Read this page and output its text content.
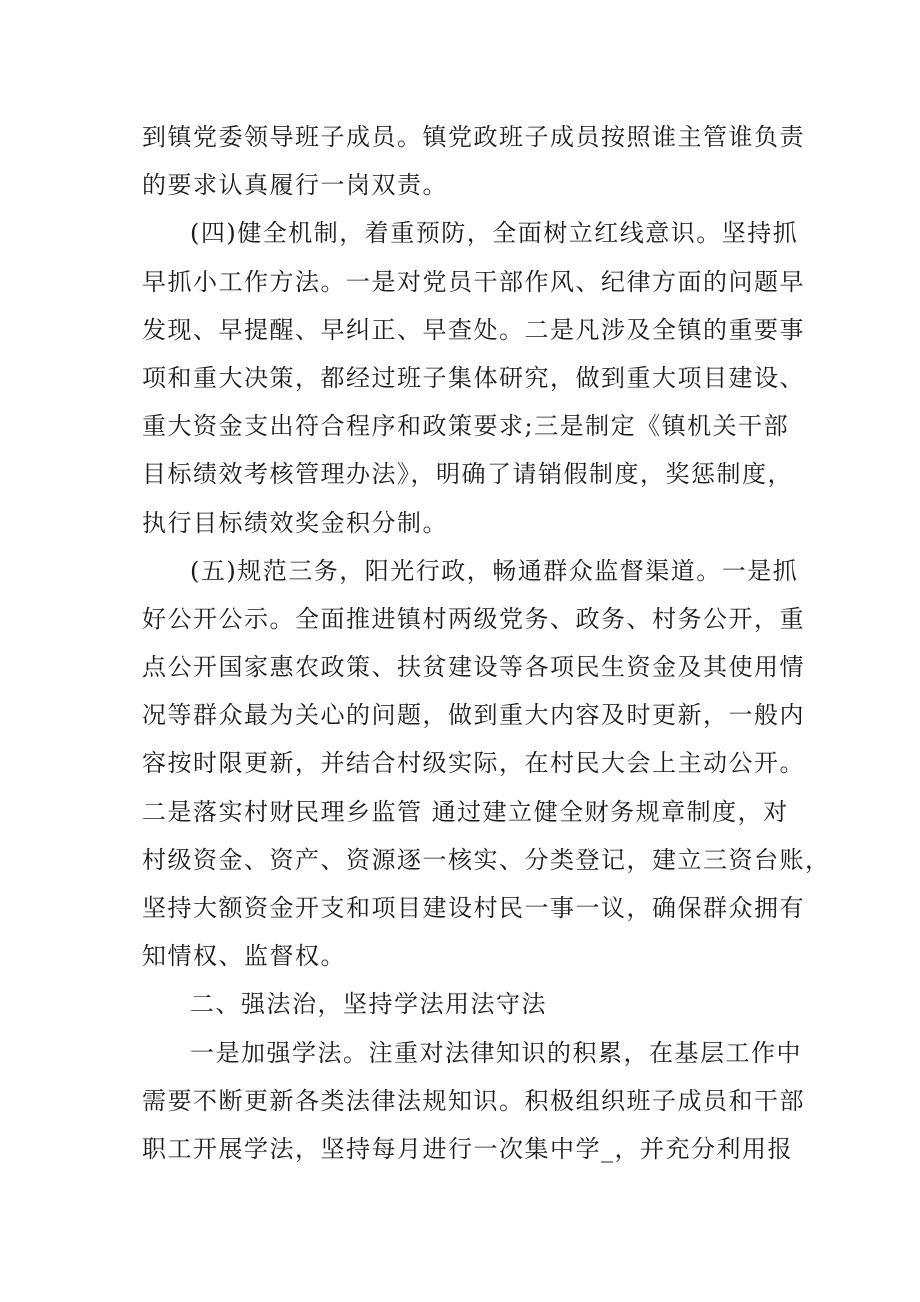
到镇党委领导班子成员。镇党政班子成员按照谁主管谁负责
的要求认真履行一岗双责。
(四)健全机制，着重预防，全面树立红线意识。坚持抓
早抓小工作方法。一是对党员干部作风、纪律方面的问题早
发现、早提醒、早纠正、早查处。二是凡涉及全镇的重要事
项和重大决策，都经过班子集体研究，做到重大项目建设、
重大资金支出符合程序和政策要求;三是制定《镇机关干部
目标绩效考核管理办法》，明确了请销假制度，奖惩制度，
执行目标绩效奖金积分制。
(五)规范三务，阳光行政，畅通群众监督渠道。一是抓
好公开公示。全面推进镇村两级党务、政务、村务公开，重
点公开国家惠农政策、扶贫建设等各项民生资金及其使用情
况等群众最为关心的问题，做到重大内容及时更新，一般内
容按时限更新，并结合村级实际，在村民大会上主动公开。
二是落实村财民理乡监管 通过建立健全财务规章制度，对
村级资金、资产、资源逐一核实、分类登记，建立三资台账，
坚持大额资金开支和项目建设村民一事一议，确保群众拥有
知情权、监督权。
二、强法治，坚持学法用法守法
一是加强学法。注重对法律知识的积累，在基层工作中
需要不断更新各类法律法规知识。积极组织班子成员和干部
职工开展学法，坚持每月进行一次集中学_，并充分利用报
